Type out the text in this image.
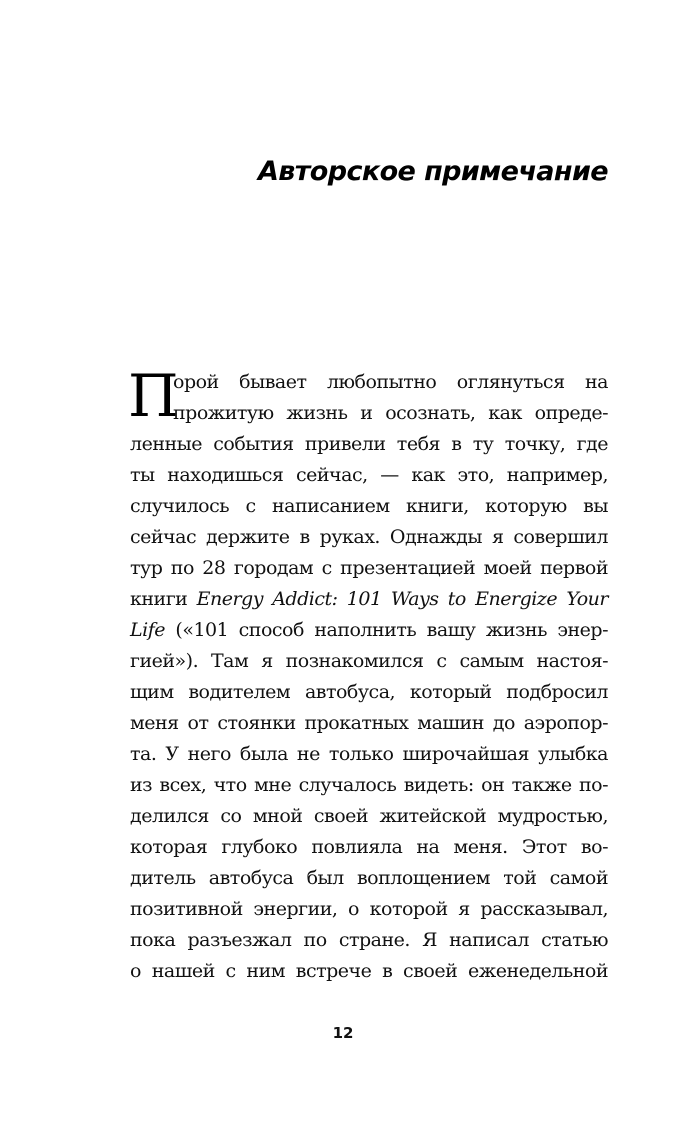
Авторское примечание
П
орой бывает любопытно оглянуться на
прожитую жизнь и осознать, как опреде-
ленные события привели тебя в ту точку, где
ты находишься сейчас, — как это, например,
случилось с написанием книги, которую вы
сейчас держите в руках. Однажды я совершил
тур по 28 городам с презентацией моей первой
книги Energy Addict: 101 Ways to Energize Your
Life («101 способ наполнить вашу жизнь энер-
гией»). Там я познакомился с самым настоя-
щим водителем автобуса, который подбросил
меня от стоянки прокатных машин до аэропор-
та. У него была не только широчайшая улыбка
из всех, что мне случалось видеть: он также по-
делился со мной своей житейской мудростью,
которая глубоко повлияла на меня. Этот во-
дитель автобуса был воплощением той самой
позитивной энергии, о которой я рассказывал,
пока разъезжал по стране. Я написал статью
о нашей с ним встрече в своей еженедельной
12
